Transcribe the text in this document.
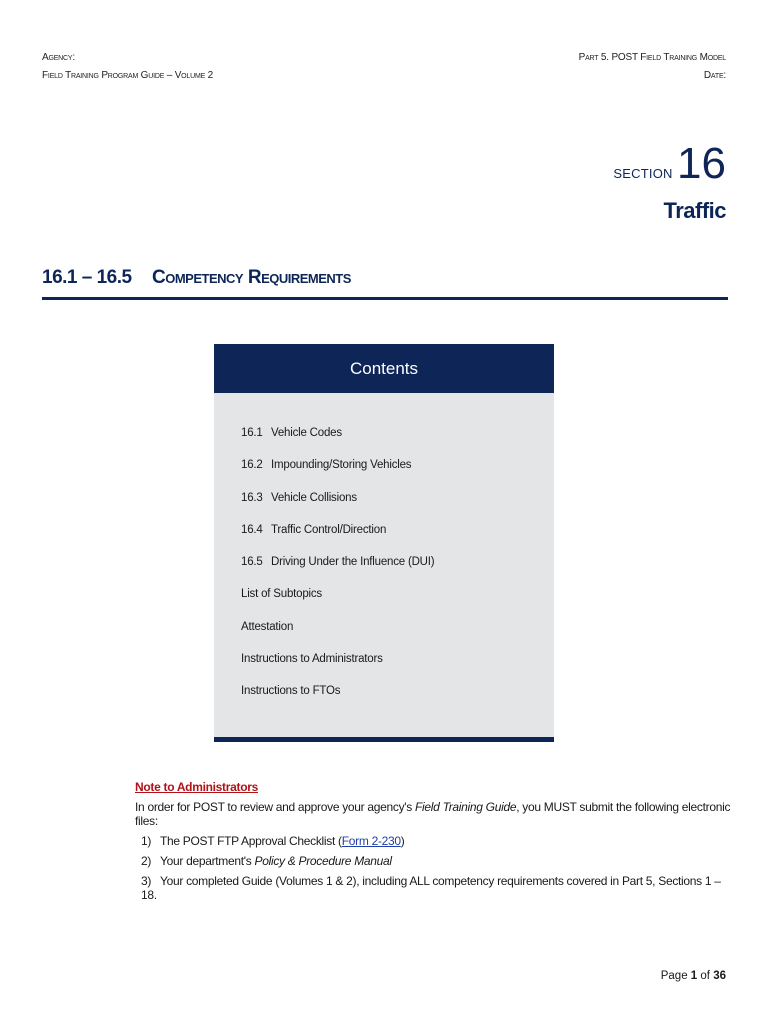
Agency:
Field Training Program Guide – Volume 2
Part 5. POST Field Training Model
Date:
SECTION 16
Traffic
16.1 – 16.5 Competency Requirements
Contents
16.1 Vehicle Codes
16.2 Impounding/Storing Vehicles
16.3 Vehicle Collisions
16.4 Traffic Control/Direction
16.5 Driving Under the Influence (DUI)
List of Subtopics
Attestation
Instructions to Administrators
Instructions to FTOs
Note to Administrators
In order for POST to review and approve your agency's Field Training Guide, you MUST submit the following electronic files:
1) The POST FTP Approval Checklist (Form 2-230)
2) Your department's Policy & Procedure Manual
3) Your completed Guide (Volumes 1 & 2), including ALL competency requirements covered in Part 5, Sections 1 – 18.
Page 1 of 36
